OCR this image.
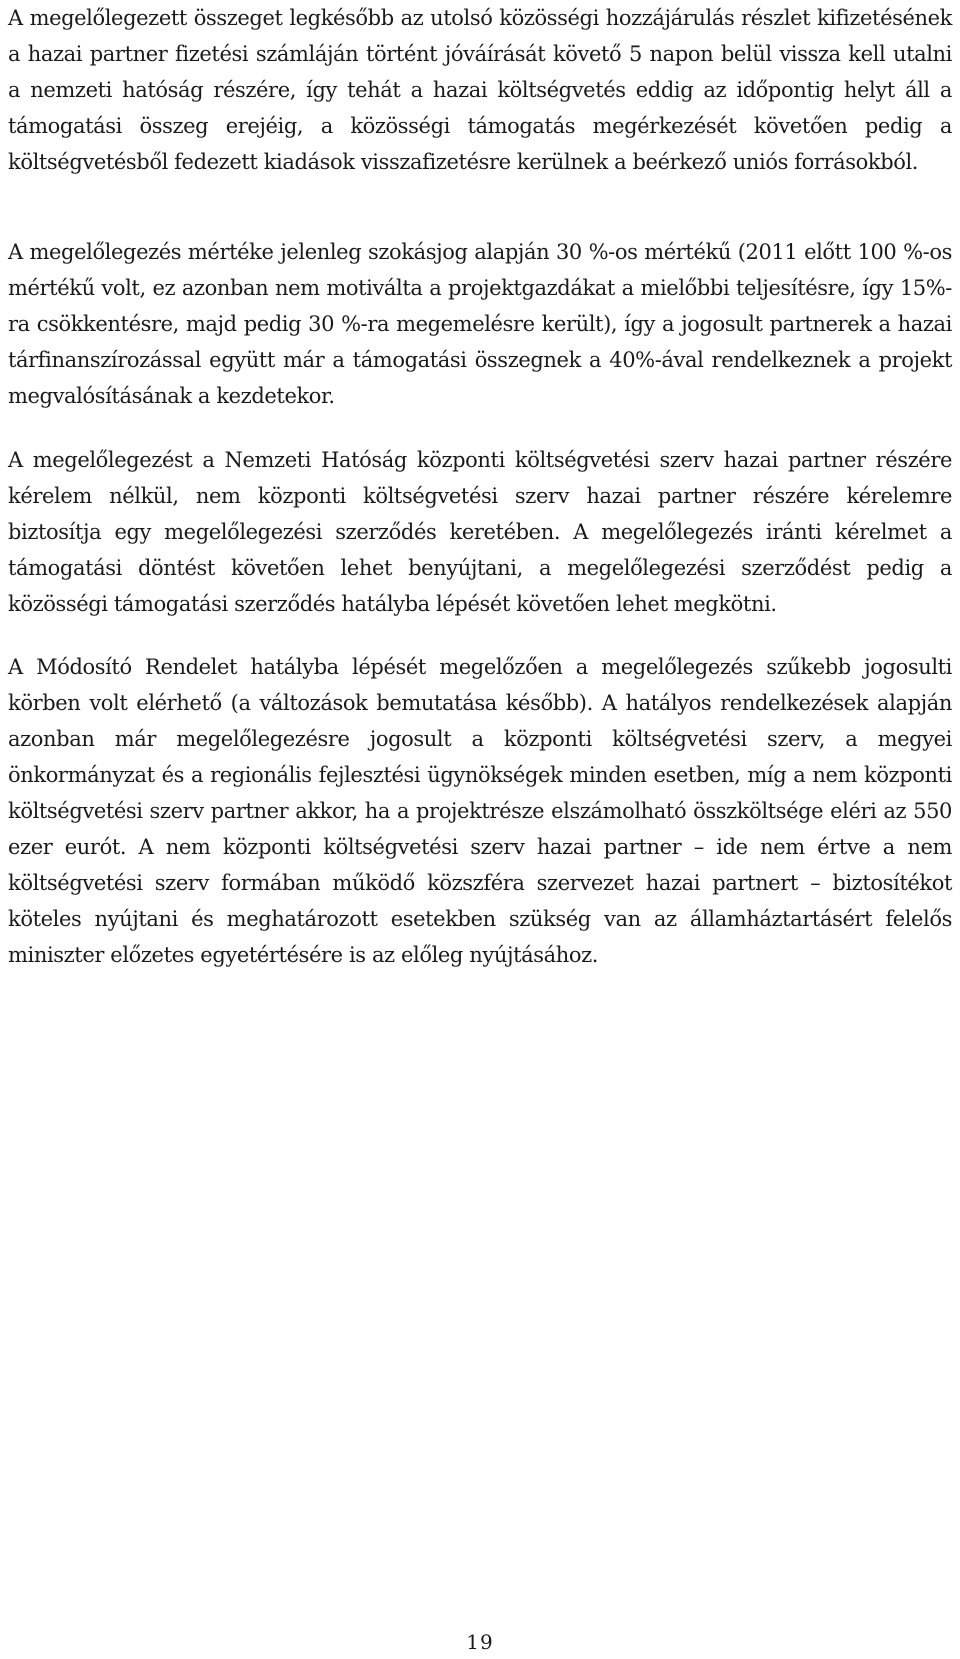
A megelőlegezett összeget legkésőbb az utolsó közösségi hozzájárulás részlet kifizetésének a hazai partner fizetési számláján történt jóváírását követő 5 napon belül vissza kell utalni a nemzeti hatóság részére, így tehát a hazai költségvetés eddig az időpontig helyt áll a támogatási összeg erejéig, a közösségi támogatás megérkezését követően pedig a költségvetésből fedezett kiadások visszafizetésre kerülnek a beérkező uniós forrásokból.

A megelőlegezés mértéke jelenleg szokásjog alapján 30 %-os mértékű (2011 előtt 100 %-os mértékű volt, ez azonban nem motiválta a projektgazdákat a mielőbbi teljesítésre, így 15%-ra csökkentésre, majd pedig 30 %-ra megemelésre került), így a jogosult partnerek a hazai tárfinanszírozással együtt már a támogatási összegnek a 40%-ával rendelkeznek a projekt megvalósításának a kezdetekor.

A megelőlegezést a Nemzeti Hatóság központi költségvetési szerv hazai partner részére kérelem nélkül, nem központi költségvetési szerv hazai partner részére kérelemre biztosítja egy megelőlegezési szerződés keretében. A megelőlegezés iránti kérelmet a támogatási döntést követően lehet benyújtani, a megelőlegezési szerződést pedig a közösségi támogatási szerződés hatályba lépését követően lehet megkötni.

A Módosító Rendelet hatályba lépését megelőzően a megelőlegezés szűkebb jogosulti körben volt elérhető (a változások bemutatása később). A hatályos rendelkezések alapján azonban már megelőlegezésre jogosult a központi költségvetési szerv, a megyei önkormányzat és a regionális fejlesztési ügynökségek minden esetben, míg a nem központi költségvetési szerv partner akkor, ha a projektrésze elszámolható összköltsége eléri az 550 ezer eurót. A nem központi költségvetési szerv hazai partner – ide nem értve a nem költségvetési szerv formában működő közszféra szervezet hazai partnert – biztosítékot köteles nyújtani és meghatározott esetekben szükség van az államháztartásért felelős miniszter előzetes egyetértésére is az előleg nyújtásához.

19
